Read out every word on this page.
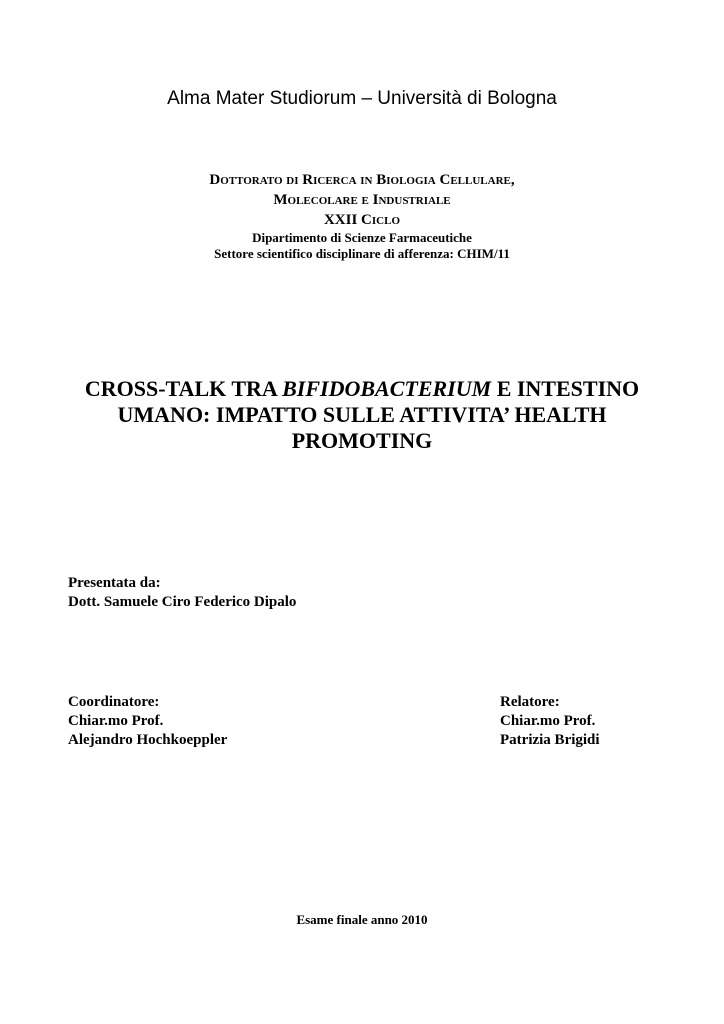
Alma Mater Studiorum – Università di Bologna
Dottorato di Ricerca in Biologia Cellulare,
Molecolare e Industriale
XXII Ciclo
Dipartimento di Scienze Farmaceutiche
Settore scientifico disciplinare di afferenza: CHIM/11
CROSS-TALK TRA BIFIDOBACTERIUM E INTESTINO UMANO: IMPATTO SULLE ATTIVITA’ HEALTH PROMOTING
Presentata da:
Dott. Samuele Ciro Federico Dipalo
Coordinatore:
Chiar.mo Prof.
Alejandro Hochkoeppler
Relatore:
Chiar.mo Prof.
Patrizia Brigidi
Esame finale anno 2010
